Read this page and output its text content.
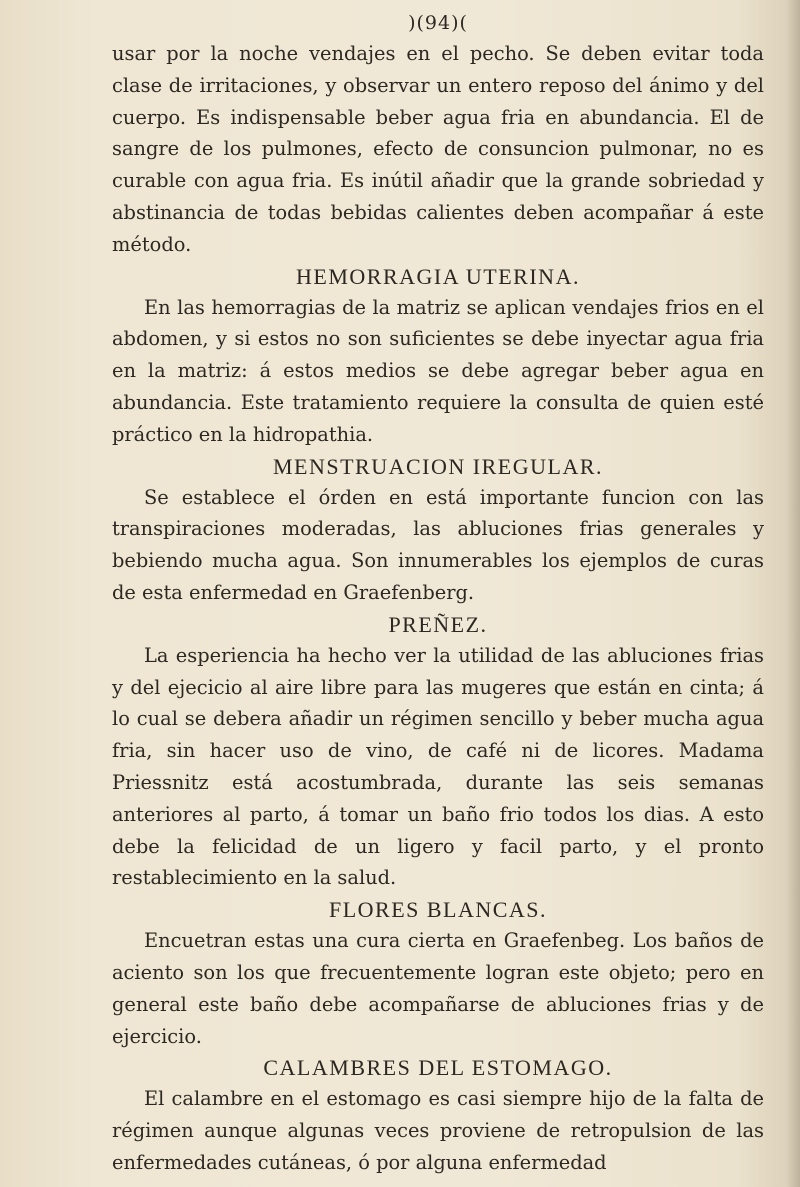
)(94)(

usar por la noche vendajes en el pecho. Se deben evitar toda clase de irritaciones, y observar un entero reposo del ánimo y del cuerpo. Es indispensable beber agua fria en abundancia. El de sangre de los pulmones, efecto de consuncion pulmonar, no es curable con agua fria. Es inútil añadir que la grande sobriedad y abstinancia de todas bebidas calientes deben acompañar á este método.

HEMORRAGIA UTERINA.

En las hemorragias de la matriz se aplican vendajes frios en el abdomen, y si estos no son suficientes se debe inyectar agua fria en la matriz: á estos medios se debe agregar beber agua en abundancia. Este tratamiento requiere la consulta de quien esté práctico en la hidropathia.

MENSTRUACION IREGULAR.

Se establece el órden en está importante funcion con las transpiraciones moderadas, las abluciones frias generales y bebiendo mucha agua. Son innumerables los ejemplos de curas de esta enfermedad en Graefenberg.

PREÑEZ.

La esperiencia ha hecho ver la utilidad de las abluciones frias y del ejecicio al aire libre para las mugeres que están en cinta; á lo cual se debera añadir un régimen sencillo y beber mucha agua fria, sin hacer uso de vino, de café ni de licores. Madama Priessnitz está acostumbrada, durante las seis semanas anteriores al parto, á tomar un baño frio todos los dias. A esto debe la felicidad de un ligero y facil parto, y el pronto restablecimiento en la salud.

FLORES BLANCAS.

Encuetran estas una cura cierta en Graefenbeg. Los baños de aciento son los que frecuentemente logran este objeto; pero en general este baño debe acompañarse de abluciones frias y de ejercicio.

CALAMBRES DEL ESTOMAGO.

El calambre en el estomago es casi siempre hijo de la falta de régimen aunque algunas veces proviene de retropulsion de las enfermedades cutáneas, ó por alguna enfermedad
